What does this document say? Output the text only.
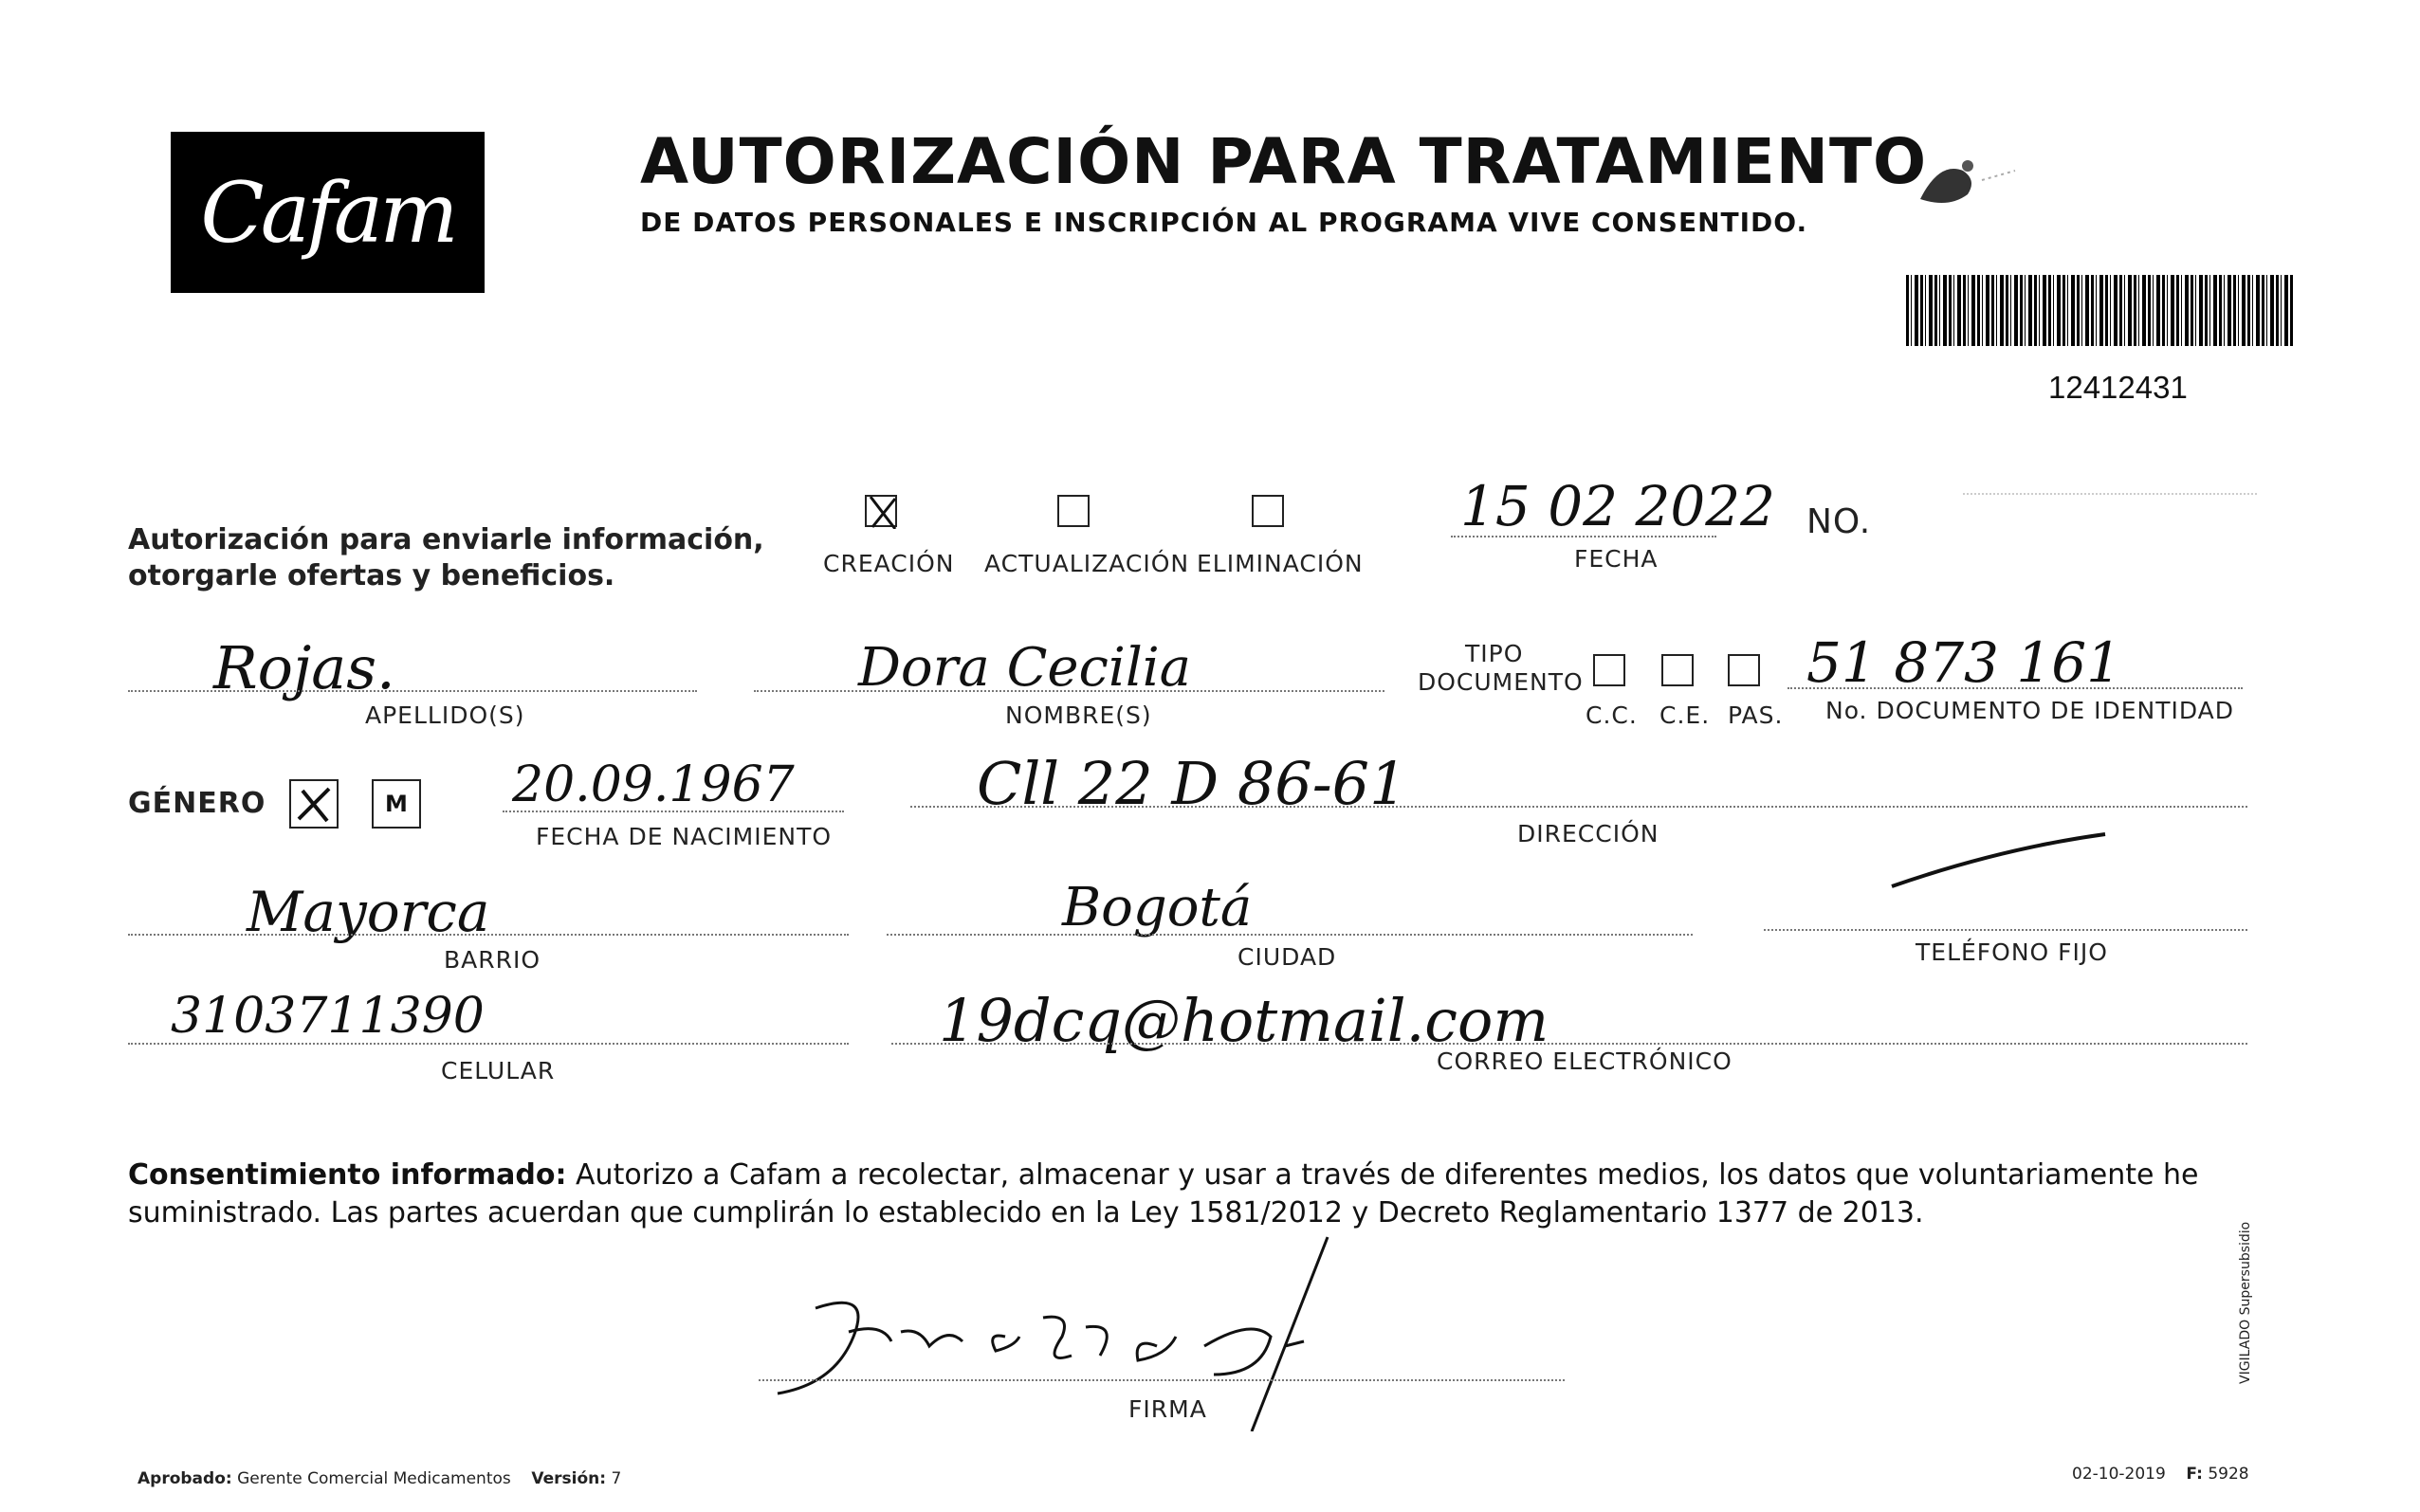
Cafam
AUTORIZACIÓN PARA TRATAMIENTO
DE DATOS PERSONALES E INSCRIPCIÓN AL PROGRAMA VIVE CONSENTIDO.
12412431
Autorización para enviarle información,
otorgarle ofertas y beneficios.	CREACIÓN ACTUALIZACIÓN ELIMINACIÓN
15 02 2022
FECHA
NO.
Rojas.
APELLIDO(S)
Dora Cecilia
NOMBRE(S)
TIPO
DOCUMENTO
C.C. C.E. PAS.
51 873 161
No. DOCUMENTO DE IDENTIDAD
GÉNERO	M 20.09.1967
FECHA DE NACIMIENTO
Cll 22 D 86-61
DIRECCIÓN
Mayorca
BARRIO
Bogotá
CIUDAD	TELÉFONO FIJO
3103711390
CELULAR
19dcq@hotmail.com
CORREO ELECTRÓNICO
Consentimiento informado: Autorizo a Cafam a recolectar, almacenar y usar a través de diferentes medios, los datos que voluntariamente he suministrado. Las partes acuerdan que cumplirán lo establecido en la Ley 1581/2012 y Decreto Reglamentario 1377 de 2013.
FIRMA
Aprobado: Gerente Comercial Medicamentos Versión: 7	02-10-2019 F: 5928
VIGILADO Supersubsidio
